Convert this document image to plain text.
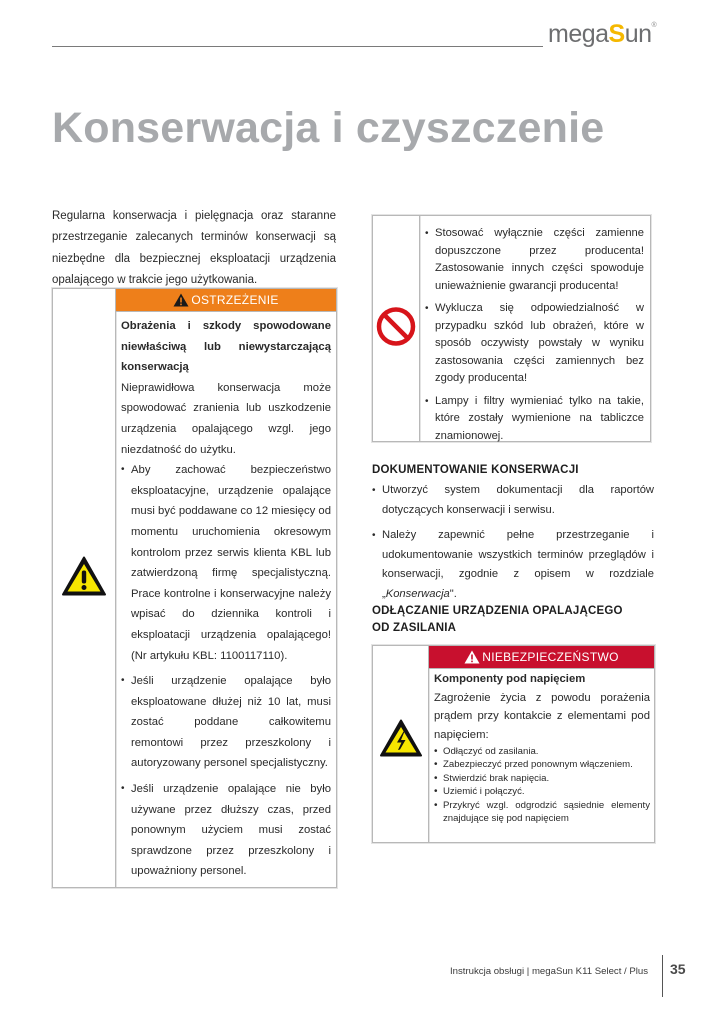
megaSun®
Konserwacja i czyszczenie

Regularna konserwacja i pielęgnacja oraz staranne przestrzeganie zalecanych terminów konserwacji są niezbędne dla bezpiecznej eksploatacji urządzenia opalającego w trakcie jego użytkowania.

OSTRZEŻENIE
Obrażenia i szkody spowodowane niewłaściwą lub niewystarczającą konserwacją
Nieprawidłowa konserwacja może spowodować zranienia lub uszkodzenie urządzenia opalającego wzgl. jego niezdatność do użytku.
• Aby zachować bezpieczeństwo eksploatacyjne, urządzenie opalające musi być poddawane co 12 miesięcy od momentu uruchomienia okresowym kontrolom przez serwis klienta KBL lub zatwierdzoną firmę specjalistyczną. Prace kontrolne i konserwacyjne należy wpisać do dziennika kontroli i eksploatacji urządzenia opalającego! (Nr artykułu KBL: 1100117110).
• Jeśli urządzenie opalające było eksploatowane dłużej niż 10 lat, musi zostać poddane całkowitemu remontowi przez przeszkolony i autoryzowany personel specjalistyczny.
• Jeśli urządzenie opalające nie było używane przez dłuższy czas, przed ponownym użyciem musi zostać sprawdzone przez przeszkolony i upoważniony personel.
• Stosować wyłącznie części zamienne dopuszczone przez producenta! Zastosowanie innych części spowoduje unieważnienie gwarancji producenta!
• Wyklucza się odpowiedzialność w przypadku szkód lub obrażeń, które w sposób oczywisty powstały w wyniku zastosowania części zamiennych bez zgody producenta!
• Lampy i filtry wymieniać tylko na takie, które zostały wymienione na tabliczce znamionowej.
DOKUMENTOWANIE KONSERWACJI
• Utworzyć system dokumentacji dla raportów dotyczących konserwacji i serwisu.
• Należy zapewnić pełne przestrzeganie i udokumentowanie wszystkich terminów przeglądów i konserwacji, zgodnie z opisem w rozdziale „Konserwacja".
ODŁĄCZANIE URZĄDZENIA OPALAJĄCEGO
OD ZASILANIA
NIEBEZPIECZEŃSTWO
Komponenty pod napięciem
Zagrożenie życia z powodu porażenia prądem przy kontakcie z elementami pod napięciem:
• Odłączyć od zasilania.
• Zabezpieczyć przed ponownym włączeniem.
• Stwierdzić brak napięcia.
• Uziemić i połączyć.
• Przykryć wzgl. odgrodzić sąsiednie elementy znajdujące się pod napięciem
Instrukcja obsługi | megaSun K11 Select / Plus 35
